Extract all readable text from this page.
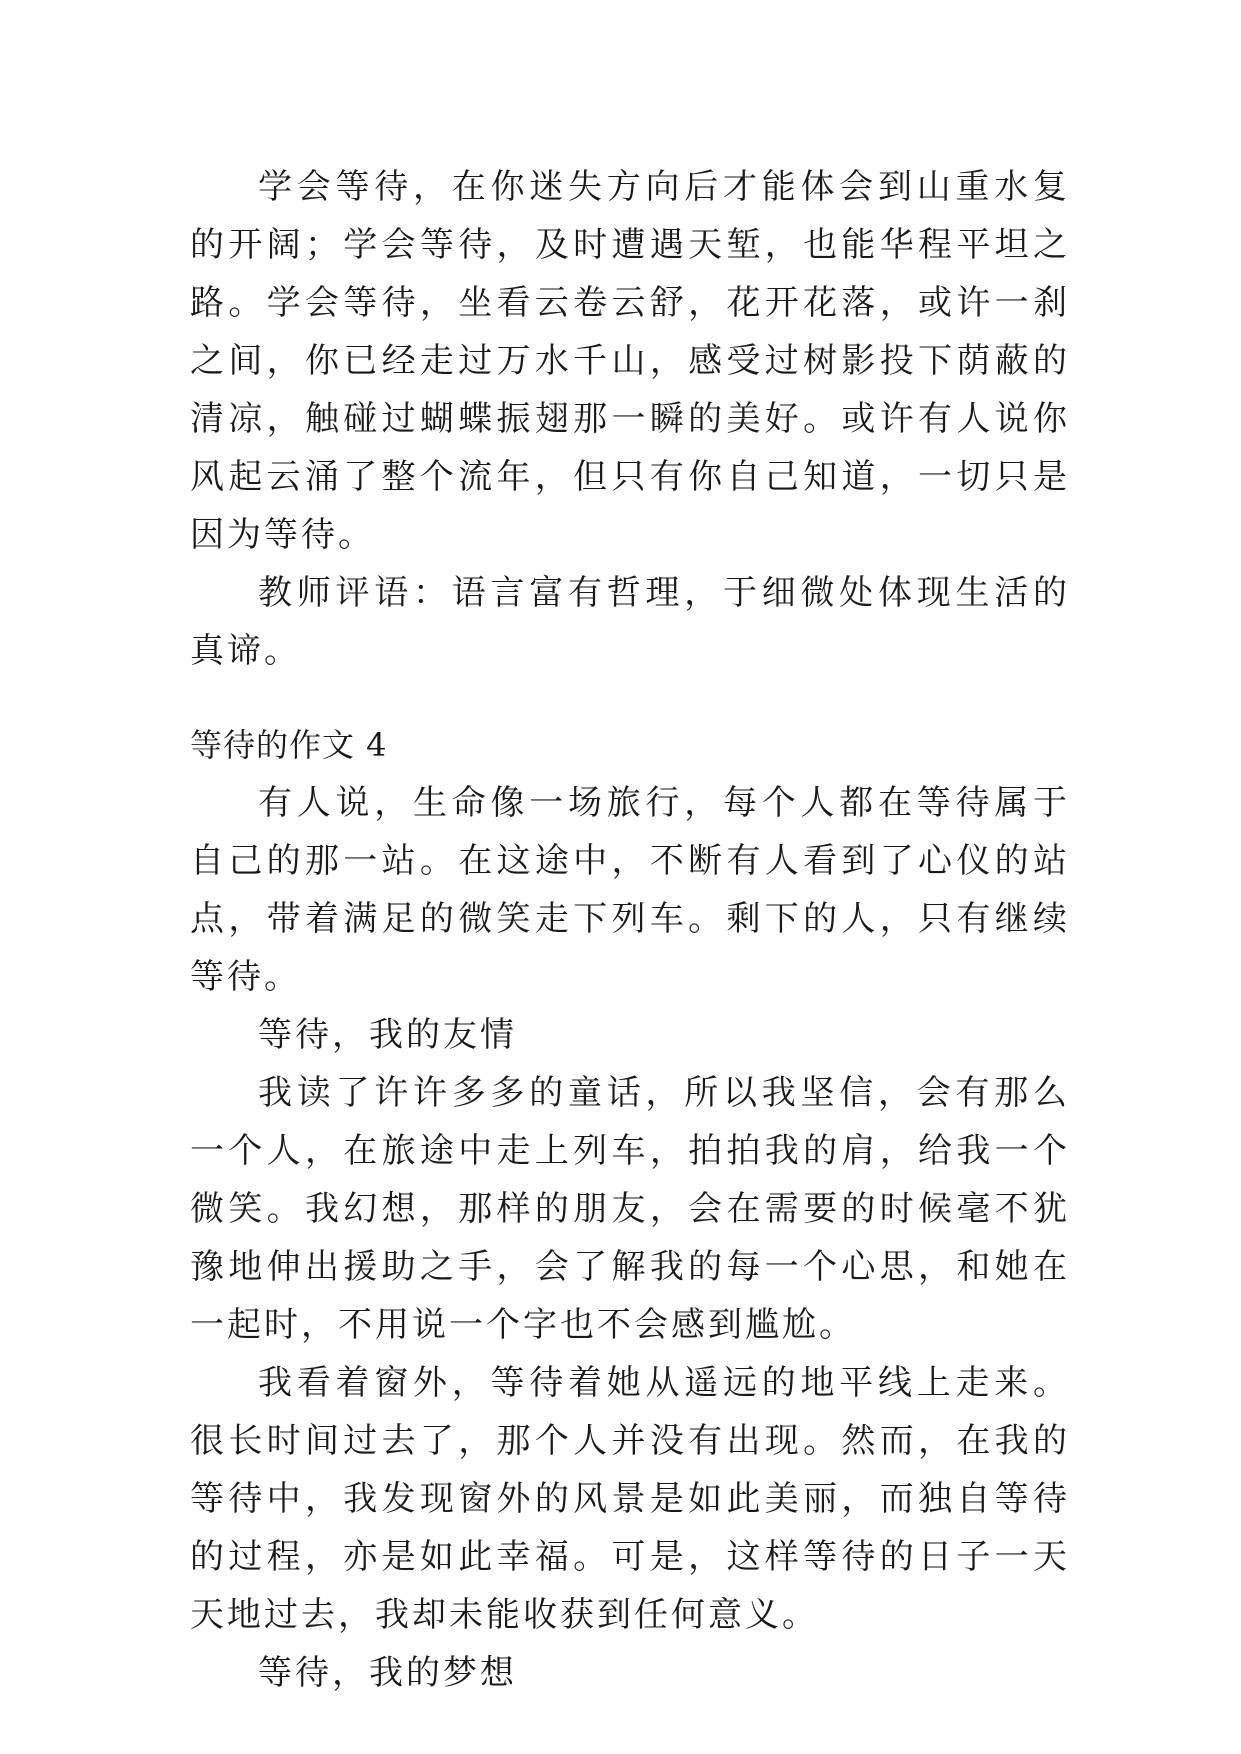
学会等待，在你迷失方向后才能体会到山重水复的开阔；学会等待，及时遭遇天堑，也能华程平坦之路。学会等待，坐看云卷云舒，花开花落，或许一刹之间，你已经走过万水千山，感受过树影投下荫蔽的清凉，触碰过蝴蝶振翅那一瞬的美好。或许有人说你风起云涌了整个流年，但只有你自己知道，一切只是因为等待。

教师评语：语言富有哲理，于细微处体现生活的真谛。

等待的作文 4

有人说，生命像一场旅行，每个人都在等待属于自己的那一站。在这途中，不断有人看到了心仪的站点，带着满足的微笑走下列车。剩下的人，只有继续等待。

等待，我的友情

我读了许许多多的童话，所以我坚信，会有那么一个人，在旅途中走上列车，拍拍我的肩，给我一个微笑。我幻想，那样的朋友，会在需要的时候毫不犹豫地伸出援助之手，会了解我的每一个心思，和她在一起时，不用说一个字也不会感到尴尬。

我看着窗外，等待着她从遥远的地平线上走来。很长时间过去了，那个人并没有出现。然而，在我的等待中，我发现窗外的风景是如此美丽，而独自等待的过程，亦是如此幸福。可是，这样等待的日子一天天地过去，我却未能收获到任何意义。

等待，我的梦想
